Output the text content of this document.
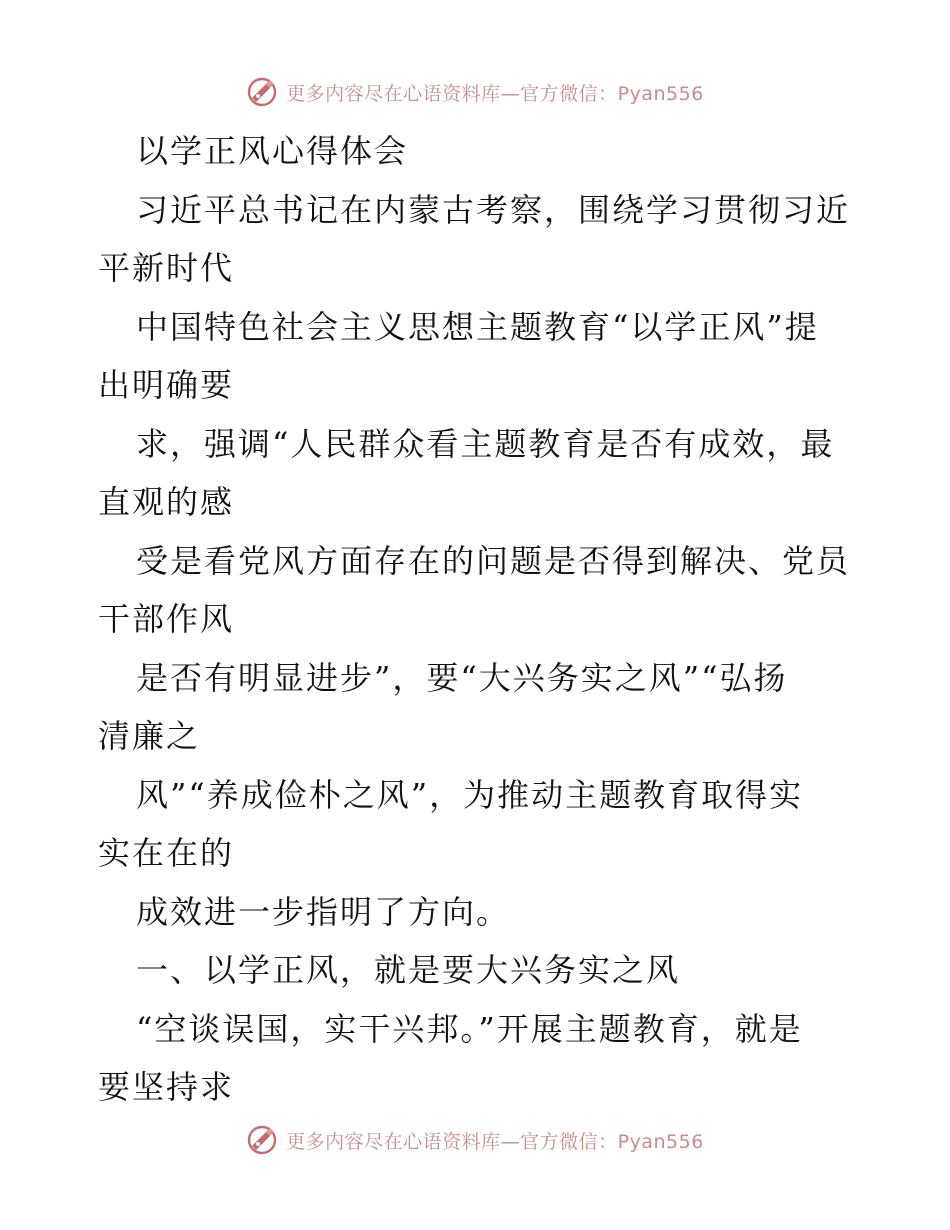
更多内容尽在心语资料库—官方微信：Pyan556
以学正风心得体会
习近平总书记在内蒙古考察，围绕学习贯彻习近
平新时代
中国特色社会主义思想主题教育“以学正风”提
出明确要
求，强调“人民群众看主题教育是否有成效，最
直观的感
受是看党风方面存在的问题是否得到解决、党员
干部作风
是否有明显进步”，要“大兴务实之风”“弘扬
清廉之
风”“养成俭朴之风”，为推动主题教育取得实
实在在的
成效进一步指明了方向。
一、以学正风，就是要大兴务实之风
“空谈误国，实干兴邦。”开展主题教育，就是
要坚持求
更多内容尽在心语资料库—官方微信：Pyan556
